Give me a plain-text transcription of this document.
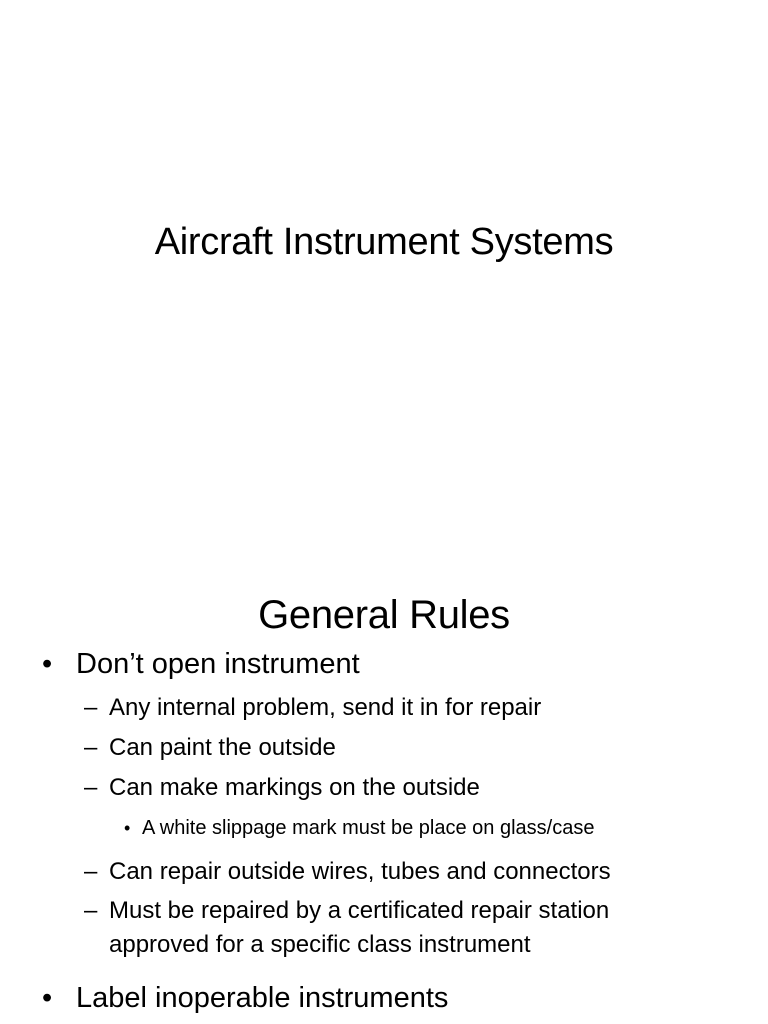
Aircraft Instrument Systems
General Rules
• Don’t open instrument
– Any internal problem, send it in for repair
– Can paint the outside
– Can make markings on the outside
• A white slippage mark must be place on glass/case
– Can repair outside wires, tubes and connectors
– Must be repaired by a certificated repair station approved for a specific class instrument
• Label inoperable instruments
